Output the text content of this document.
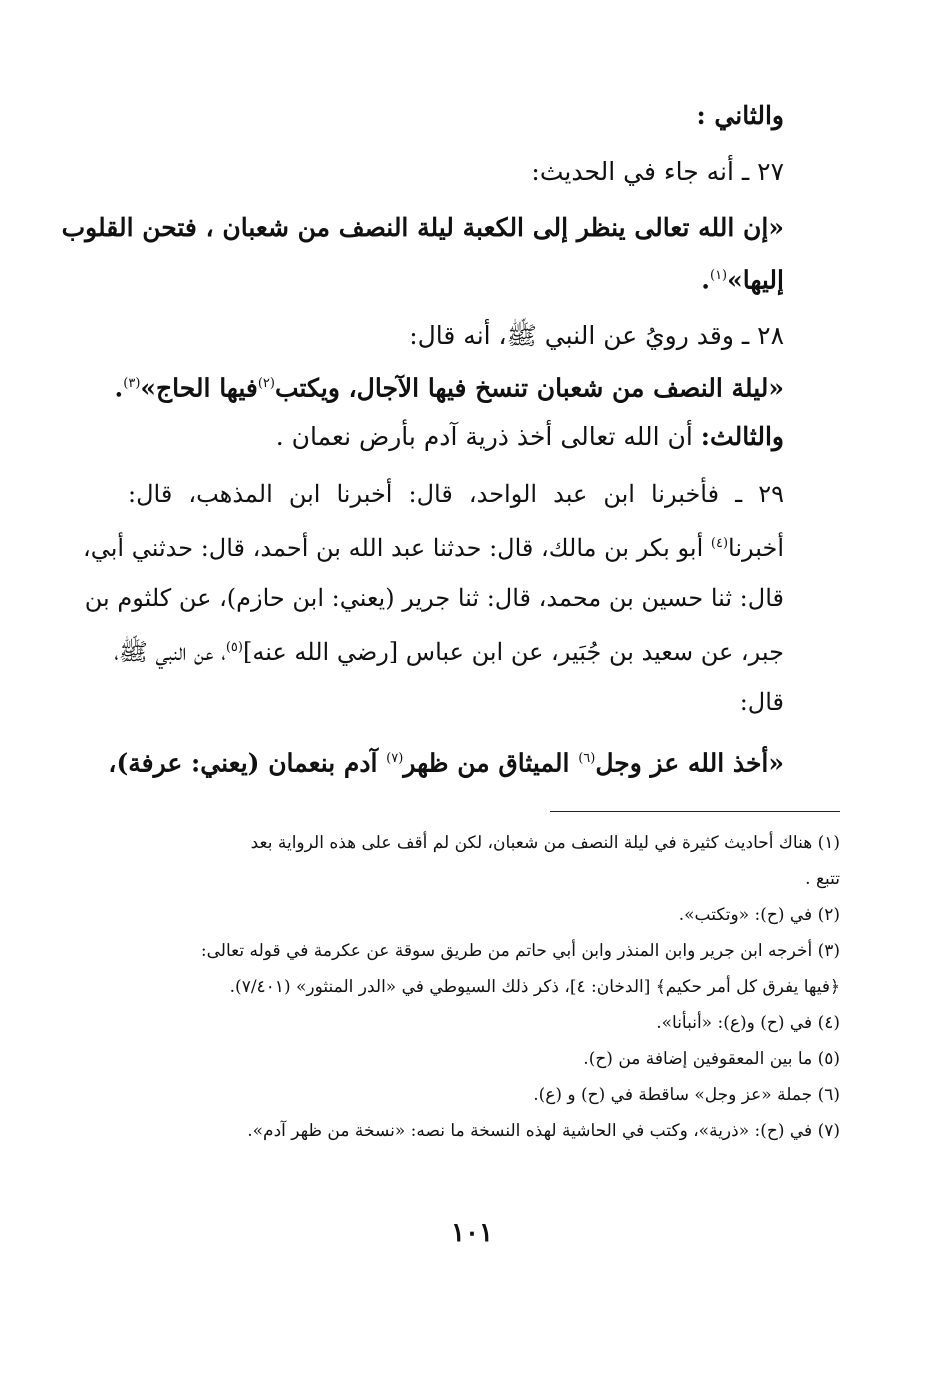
والثاني :
٢٧ ـ أنه جاء في الحديث:
«إن الله تعالى ينظر إلى الكعبة ليلة النصف من شعبان ، فتحن القلوب
إليها»$^{(١)}$.
٢٨ ـ وقد رويُ عن النبي ﷺ، أنه قال:
«ليلة النصف من شعبان تنسخ فيها الآجال، ويكتب$^{(٢)}$فيها الحاج»$^{(٣)}$.
والثالث: أن الله تعالى أخذ ذرية آدم بأرض نعمان .
٢٩ ـ فأخبرنا ابن عبد الواحد، قال: أخبرنا ابن المذهب، قال:
أخبرنا$^{(٤)}$ أبو بكر بن مالك، قال: حدثنا عبد الله بن أحمد، قال: حدثني أبي،
قال: ثنا حسين بن محمد، قال: ثنا جرير (يعني: ابن حازم)، عن كلثوم بن
جبر، عن سعيد بن جُبَير، عن ابن عباس [رضي الله عنه]$^{(٥)}$، عن النبي ﷺ،
قال:
«أخذ الله عز وجل$^{(٦)}$ الميثاق من ظهر$^{(٧)}$ آدم بنعمان (يعني: عرفة)،
(١) هناك أحاديث كثيرة في ليلة النصف من شعبان، لكن لم أقف على هذه الرواية بعد
تتبع .
(٢) في (ح): «وتكتب».
(٣) أخرجه ابن جرير وابن المنذر وابن أبي حاتم من طريق سوقة عن عكرمة في قوله تعالى:
﴿فيها يفرق كل أمر حكيم﴾ [الدخان: ٤]، ذكر ذلك السيوطي في «الدر المنثور» (٧/٤٠١).
(٤) في (ح) و(ع): «أنبأنا».
(٥) ما بين المعقوفين إضافة من (ح).
(٦) جملة «عز وجل» ساقطة في (ح) و (ع).
(٧) في (ح): «ذرية»، وكتب في الحاشية لهذه النسخة ما نصه: «نسخة من ظهر آدم».
١٠١
